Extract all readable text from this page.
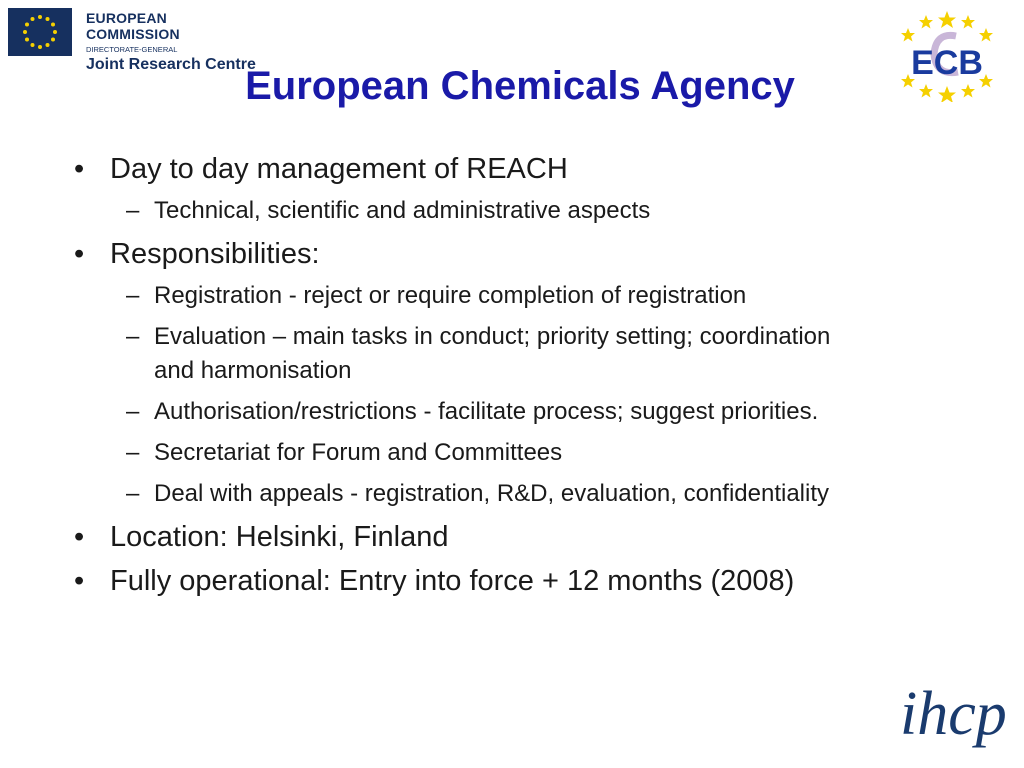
EUROPEAN COMMISSION
DIRECTORATE-GENERAL
Joint Research Centre	ECB
European Chemicals Agency
• Day to day management of REACH
– Technical, scientific and administrative aspects
• Responsibilities:
– Registration - reject or require completion of registration
– Evaluation – main tasks in conduct; priority setting; coordination and harmonisation
– Authorisation/restrictions - facilitate process; suggest priorities.
– Secretariat for Forum and Committees
– Deal with appeals - registration, R&D, evaluation, confidentiality
• Location: Helsinki, Finland
• Fully operational: Entry into force + 12 months (2008)
ihcp
